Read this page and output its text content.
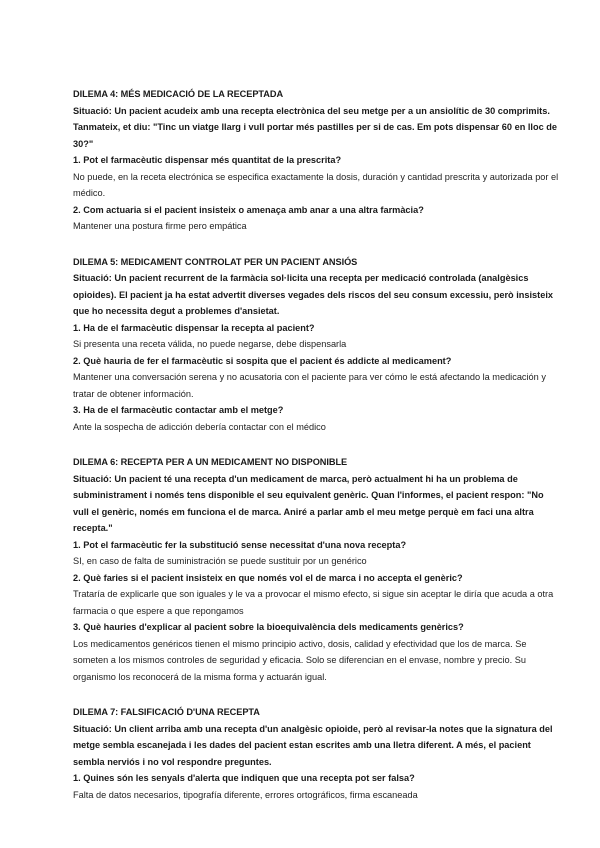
DILEMA 4: MÉS MEDICACIÓ DE LA RECEPTADA

Situació: Un pacient acudeix amb una recepta electrònica del seu metge per a un ansiolític de 30 comprimits. Tanmateix, et diu: "Tinc un viatge llarg i vull portar més pastilles per si de cas. Em pots dispensar 60 en lloc de 30?"

1. Pot el farmacèutic dispensar més quantitat de la prescrita?

No puede, en la receta electrónica se especifica exactamente la dosis, duración y cantidad prescrita y autorizada por el médico.

2. Com actuaria si el pacient insisteix o amenaça amb anar a una altra farmàcia?

Mantener una postura firme pero empática

DILEMA 5: MEDICAMENT CONTROLAT PER UN PACIENT ANSIÓS

Situació: Un pacient recurrent de la farmàcia sol·licita una recepta per medicació controlada (analgèsics opioides). El pacient ja ha estat advertit diverses vegades dels riscos del seu consum excessiu, però insisteix que ho necessita degut a problemes d'ansietat.

1. Ha de el farmacèutic dispensar la recepta al pacient?

Si presenta una receta válida, no puede negarse, debe dispensarla

2. Què hauria de fer el farmacèutic si sospita que el pacient és addicte al medicament?

Mantener una conversación serena y no acusatoria con el paciente para ver cómo le está afectando la medicación y tratar de obtener información.

3. Ha de el farmacèutic contactar amb el metge?

Ante la sospecha de adicción debería contactar con el médico

DILEMA 6: RECEPTA PER A UN MEDICAMENT NO DISPONIBLE

Situació: Un pacient té una recepta d'un medicament de marca, però actualment hi ha un problema de subministrament i només tens disponible el seu equivalent genèric. Quan l'informes, el pacient respon: "No vull el genèric, només em funciona el de marca. Aniré a parlar amb el meu metge perquè em faci una altra recepta."

1. Pot el farmacèutic fer la substitució sense necessitat d'una nova recepta?

SI, en caso de falta de suministración se puede sustituir por un genérico

2. Què faries si el pacient insisteix en que només vol el de marca i no accepta el genèric?

Trataría de explicarle que son iguales y le va a provocar el mismo efecto, si sigue sin aceptar le diría que acuda a otra farmacia o que espere a que repongamos

3. Què hauries d'explicar al pacient sobre la bioequivalència dels medicaments genèrics?

Los medicamentos genéricos tienen el mismo principio activo, dosis, calidad y efectividad que los de marca. Se someten a los mismos controles de seguridad y eficacia. Solo se diferencian en el envase, nombre y precio. Su organismo los reconocerá de la misma forma y actuarán igual.

DILEMA 7: FALSIFICACIÓ D'UNA RECEPTA

Situació: Un client arriba amb una recepta d'un analgèsic opioide, però al revisar-la notes que la signatura del metge sembla escanejada i les dades del pacient estan escrites amb una lletra diferent. A més, el pacient sembla nerviós i no vol respondre preguntes.

1. Quines són les senyals d'alerta que indiquen que una recepta pot ser falsa?

Falta de datos necesarios, tipografía diferente, errores ortográficos, firma escaneada
